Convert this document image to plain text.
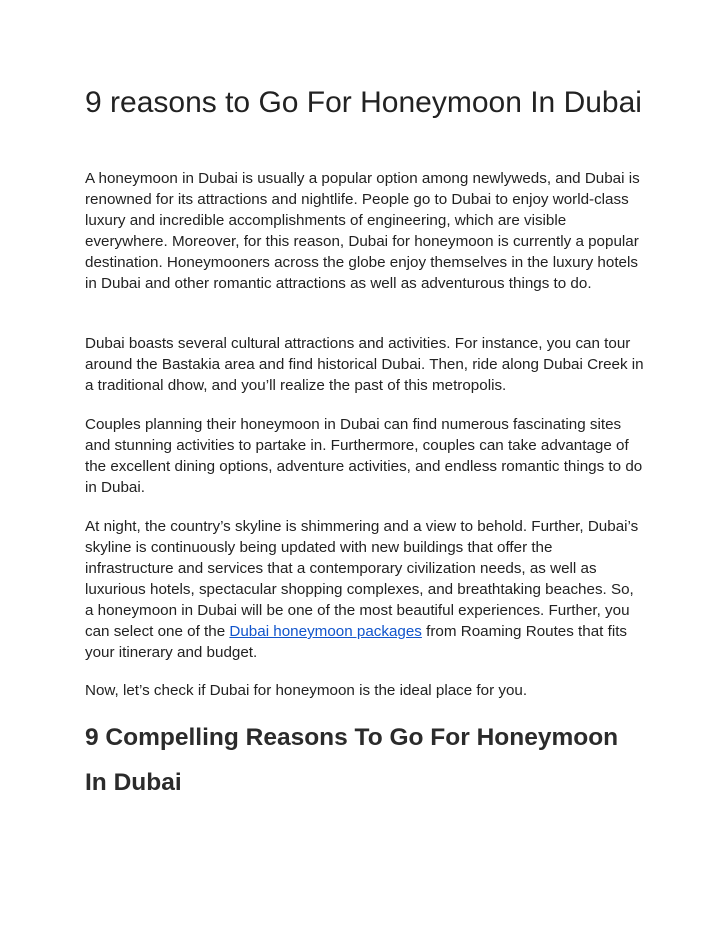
9 reasons to Go For Honeymoon In Dubai

A honeymoon in Dubai is usually a popular option among newlyweds, and Dubai is renowned for its attractions and nightlife. People go to Dubai to enjoy world-class luxury and incredible accomplishments of engineering, which are visible everywhere. Moreover, for this reason, Dubai for honeymoon is currently a popular destination. Honeymooners across the globe enjoy themselves in the luxury hotels in Dubai and other romantic attractions as well as adventurous things to do.

Dubai boasts several cultural attractions and activities. For instance, you can tour around the Bastakia area and find historical Dubai. Then, ride along Dubai Creek in a traditional dhow, and you’ll realize the past of this metropolis.

Couples planning their honeymoon in Dubai can find numerous fascinating sites and stunning activities to partake in. Furthermore, couples can take advantage of the excellent dining options, adventure activities, and endless romantic things to do in Dubai.

At night, the country’s skyline is shimmering and a view to behold. Further, Dubai’s skyline is continuously being updated with new buildings that offer the infrastructure and services that a contemporary civilization needs, as well as luxurious hotels, spectacular shopping complexes, and breathtaking beaches. So, a honeymoon in Dubai will be one of the most beautiful experiences. Further, you can select one of the Dubai honeymoon packages from Roaming Routes that fits your itinerary and budget.

Now, let’s check if Dubai for honeymoon is the ideal place for you.

9 Compelling Reasons To Go For Honeymoon In Dubai
